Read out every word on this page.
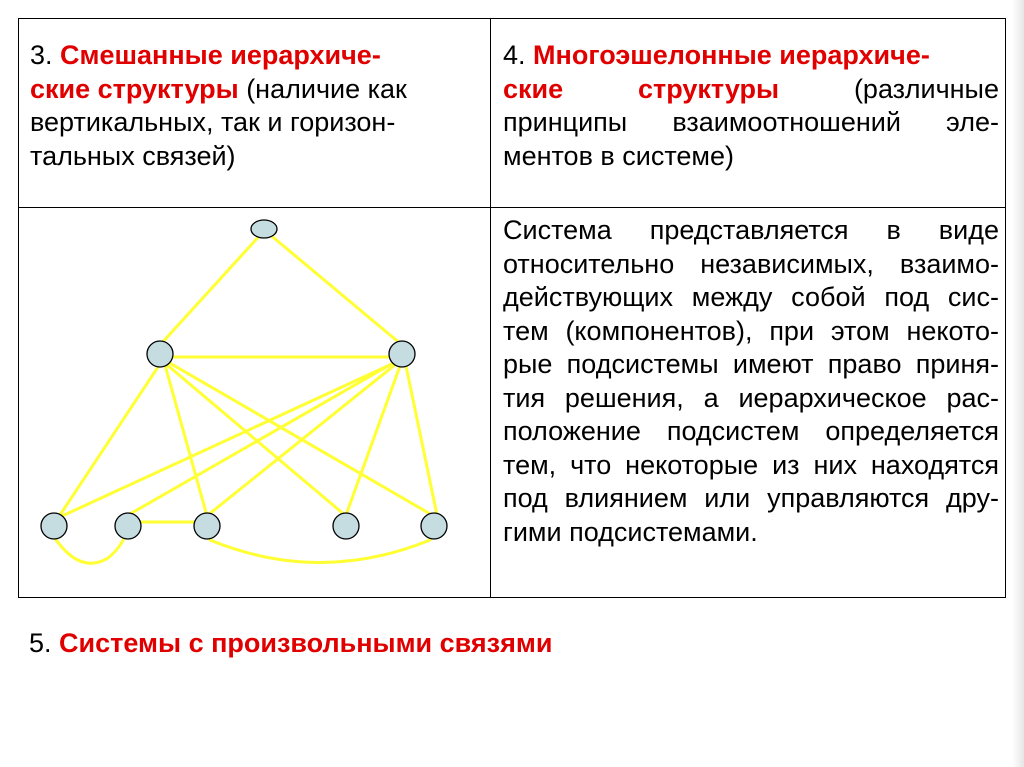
3. Смешанные иерархиче-
ские структуры (наличие как
вертикальных, так и горизон-
тальных связей)
4. Многоэшелонные иерархиче-
ские структуры	(различные
принципы взаимоотношений эле-
ментов в системе)
Система представляется в виде
относительно независимых, взаимо-
действующих между собой под сис-
тем (компонентов), при этом некото-
рые подсистемы имеют право приня-
тия решения, а иерархическое рас-
положение подсистем определяется
тем, что некоторые из них находятся
под влиянием или управляются дру-
гими подсистемами.
5. Системы с произвольными связями
